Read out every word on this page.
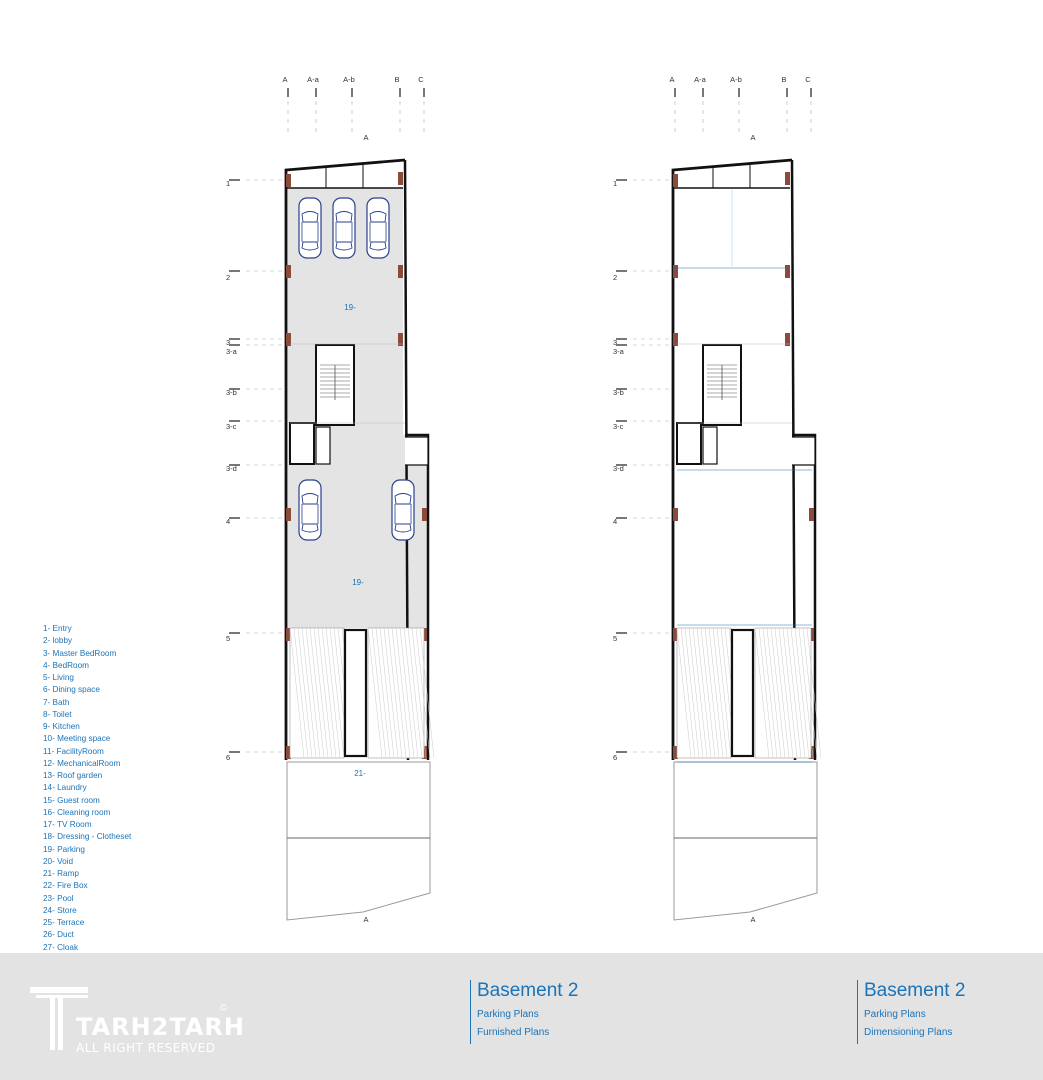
A	A-a	A-b	B	C
A
1
2
3
3-a
3-b
3-c
3-d
4
5
6
A
19-
19-
21-
A	A-a	A-b	B	C
A
1
2
3
3-a
3-b
3-c
3-d
4
5
6
A
1- Entry
2- lobby
3- Master BedRoom
4- BedRoom
5- Living
6- Dining space
7- Bath
8- Toilet
9- Kitchen
10- Meeting space
11- FacilityRoom
12- MechanicalRoom
13- Roof garden
14- Laundry
15- Guest room
16- Cleaning room
17- TV Room
18- Dressing - Clotheset
19- Parking
20- Void
21- Ramp
22- Fire Box
23- Pool
24- Store
25- Terrace
26- Duct
27- Cloak
TARH2TARH
ALL RIGHT RESERVED
©
Basement 2
Parking Plans
Furnished Plans
Basement 2
Parking Plans
Dimensioning Plans
